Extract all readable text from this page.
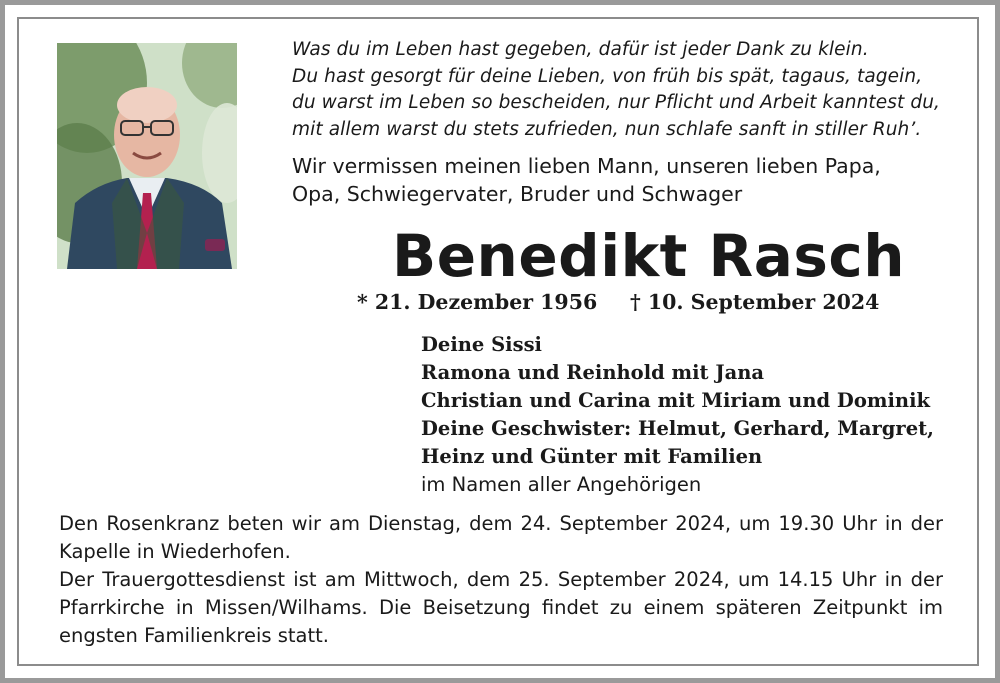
Was du im Leben hast gegeben, dafür ist jeder Dank zu klein.
Du hast gesorgt für deine Lieben, von früh bis spät, tagaus, tagein,
du warst im Leben so bescheiden, nur Pflicht und Arbeit kanntest du,
mit allem warst du stets zufrieden, nun schlafe sanft in stiller Ruh’.
Wir vermissen meinen lieben Mann, unseren lieben Papa,
Opa, Schwiegervater, Bruder und Schwager
Benedikt Rasch
* 21. Dezember 1956 † 10. September 2024
Deine Sissi
Ramona und Reinhold mit Jana
Christian und Carina mit Miriam und Dominik
Deine Geschwister: Helmut, Gerhard, Margret,
Heinz und Günter mit Familien
im Namen aller Angehörigen

Den Rosenkranz beten wir am Dienstag, dem 24. September 2024, um 19.30 Uhr in der Kapelle in Wiederhofen.

Der Trauergottesdienst ist am Mittwoch, dem 25. September 2024, um 14.15 Uhr in der Pfarrkirche in Missen/Wilhams. Die Beisetzung findet zu einem späteren Zeitpunkt im engsten Familienkreis statt.
